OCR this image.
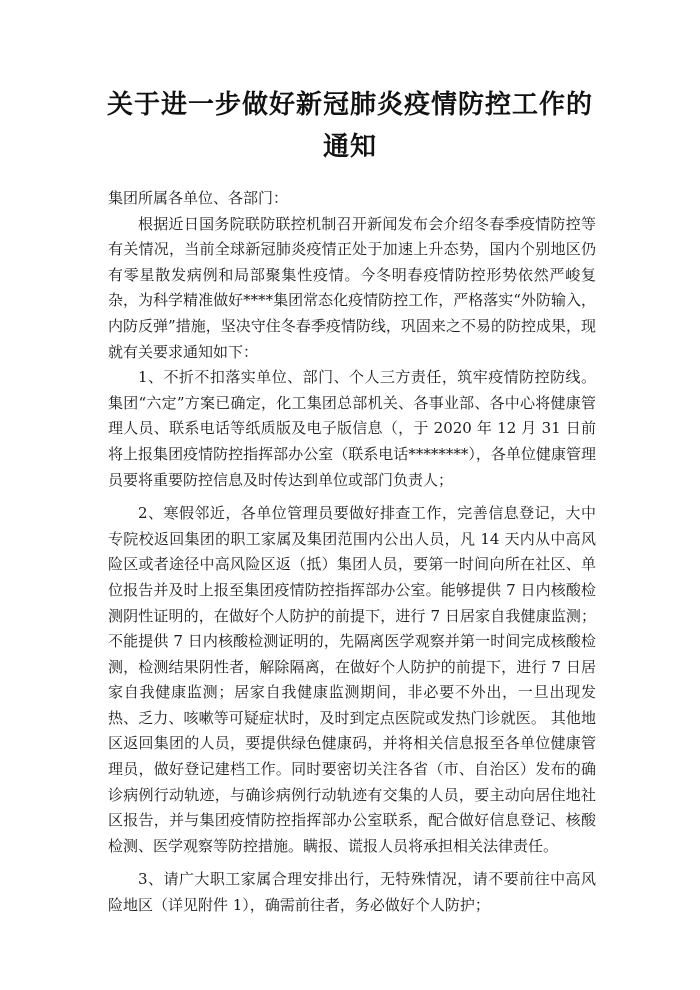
关于进一步做好新冠肺炎疫情防控工作的
通知

集团所属各单位、各部门：

根据近日国务院联防联控机制召开新闻发布会介绍冬春季疫情防控等有关情况，当前全球新冠肺炎疫情正处于加速上升态势，国内个别地区仍有零星散发病例和局部聚集性疫情。今冬明春疫情防控形势依然严峻复杂，为科学精准做好****集团常态化疫情防控工作，严格落实“外防输入，内防反弹”措施，坚决守住冬春季疫情防线，巩固来之不易的防控成果，现就有关要求通知如下：

1、不折不扣落实单位、部门、个人三方责任，筑牢疫情防控防线。集团“六定”方案已确定，化工集团总部机关、各事业部、各中心将健康管理人员、联系电话等纸质版及电子版信息（，于 2020 年 12 月 31 日前将上报集团疫情防控指挥部办公室（联系电话********），各单位健康管理员要将重要防控信息及时传达到单位或部门负责人；

2、寒假邻近，各单位管理员要做好排查工作，完善信息登记，大中专院校返回集团的职工家属及集团范围内公出人员，凡 14 天内从中高风险区或者途径中高风险区返（抵）集团人员，要第一时间向所在社区、单位报告并及时上报至集团疫情防控指挥部办公室。能够提供 7 日内核酸检测阴性证明的，在做好个人防护的前提下，进行 7 日居家自我健康监测；不能提供 7 日内核酸检测证明的，先隔离医学观察并第一时间完成核酸检测，检测结果阴性者，解除隔离，在做好个人防护的前提下，进行 7 日居家自我健康监测；居家自我健康监测期间，非必要不外出，一旦出现发热、乏力、咳嗽等可疑症状时，及时到定点医院或发热门诊就医。 其他地区返回集团的人员，要提供绿色健康码，并将相关信息报至各单位健康管理员，做好登记建档工作。同时要密切关注各省（市、自治区）发布的确诊病例行动轨迹，与确诊病例行动轨迹有交集的人员，要主动向居住地社区报告，并与集团疫情防控指挥部办公室联系，配合做好信息登记、核酸检测、医学观察等防控措施。瞒报、谎报人员将承担相关法律责任。

3、请广大职工家属合理安排出行，无特殊情况，请不要前往中高风险地区（详见附件 1），确需前往者，务必做好个人防护；
